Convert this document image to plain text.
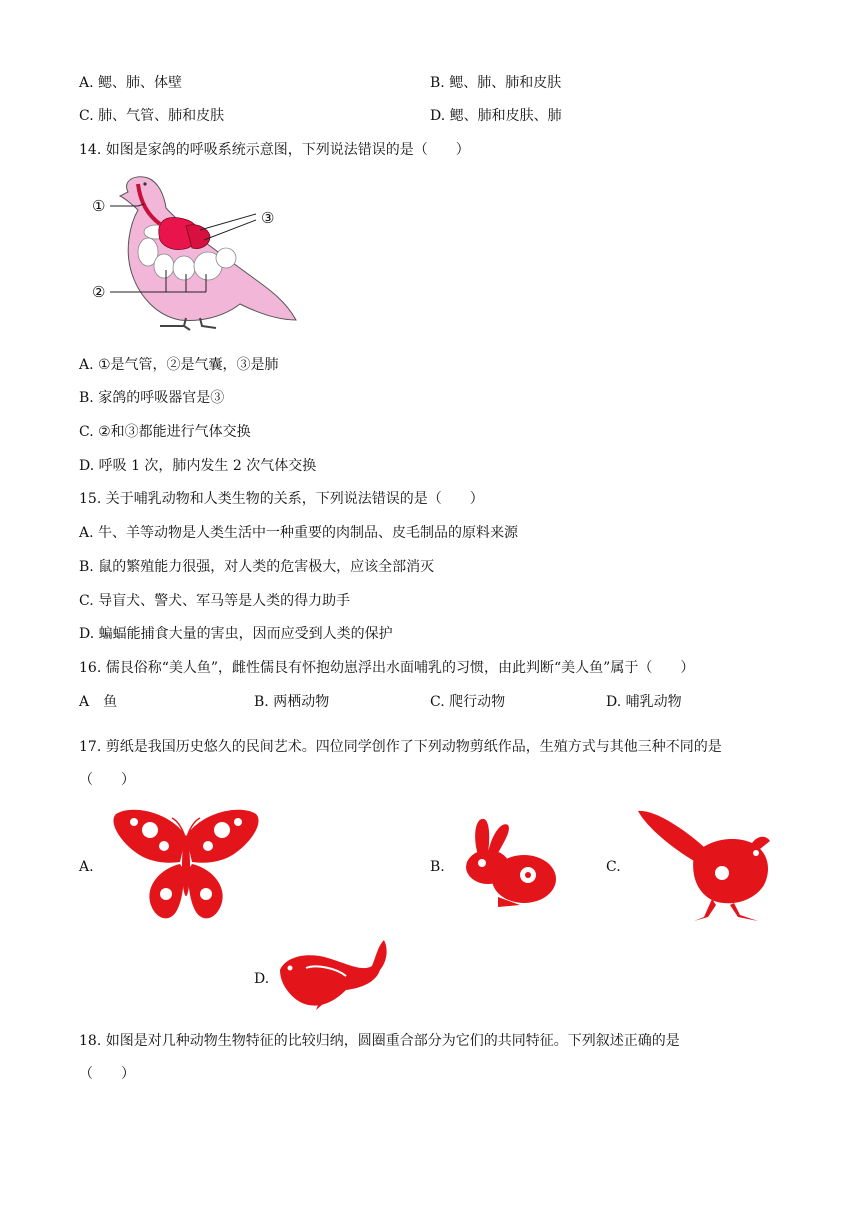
A. 鳃、肺、体壁	B. 鳃、肺、肺和皮肤
C. 肺、气管、肺和皮肤	D. 鳃、肺和皮肤、肺
14. 如图是家鸽的呼吸系统示意图，下列说法错误的是（　　）
①
②
③
A. ①是气管，②是气囊，③是肺
B. 家鸽的呼吸器官是③
C. ②和③都能进行气体交换
D. 呼吸 1 次，肺内发生 2 次气体交换
15. 关于哺乳动物和人类生物的关系，下列说法错误的是（　　）
A. 牛、羊等动物是人类生活中一种重要的肉制品、皮毛制品的原料来源
B. 鼠的繁殖能力很强，对人类的危害极大，应该全部消灭
C. 导盲犬、警犬、军马等是人类的得力助手
D. 蝙蝠能捕食大量的害虫，因而应受到人类的保护
16. 儒艮俗称“美人鱼”，雌性儒艮有怀抱幼崽浮出水面哺乳的习惯，由此判断“美人鱼”属于（　　）
A　鱼	B. 两栖动物	C. 爬行动物	D. 哺乳动物
17. 剪纸是我国历史悠久的民间艺术。四位同学创作了下列动物剪纸作品，生殖方式与其他三种不同的是
（　　）
A.	B.	C.
D.
18. 如图是对几种动物生物特征的比较归纳，圆圈重合部分为它们的共同特征。下列叙述正确的是
（　　）
